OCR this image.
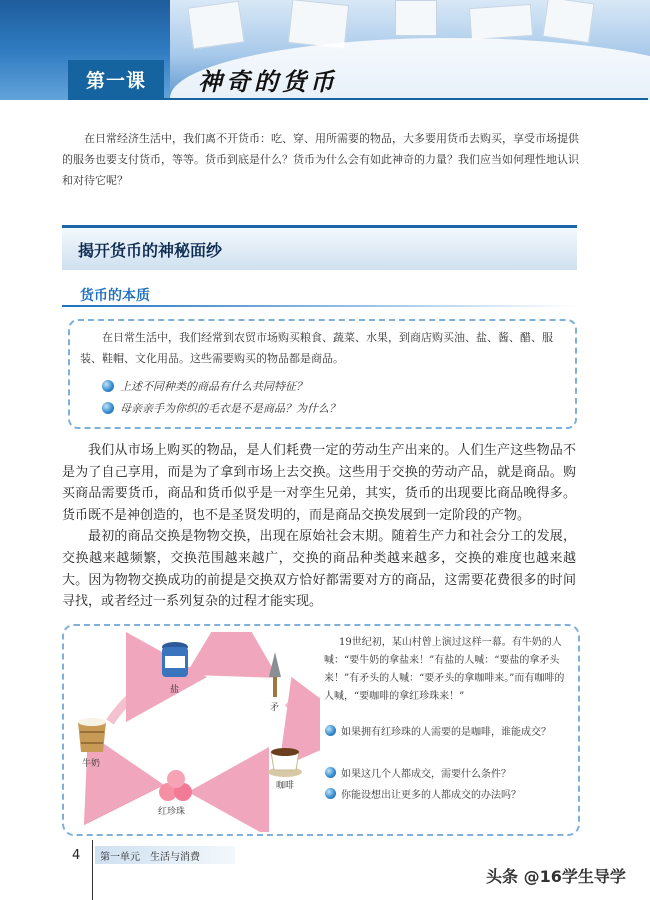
第一课	神奇的货币
在日常经济生活中，我们离不开货币：吃、穿、用所需要的物品，大多要用货币去购买，享受市场提供的服务也要支付货币，等等。货币到底是什么？货币为什么会有如此神奇的力量？我们应当如何理性地认识和对待它呢？
揭开货币的神秘面纱
货币的本质
在日常生活中，我们经常到农贸市场购买粮食、蔬菜、水果，到商店购买油、盐、酱、醋、服装、鞋帽、文化用品。这些需要购买的物品都是商品。
上述不同种类的商品有什么共同特征？
母亲亲手为你织的毛衣是不是商品？为什么？

我们从市场上购买的物品，是人们耗费一定的劳动生产出来的。人们生产这些物品不是为了自己享用，而是为了拿到市场上去交换。这些用于交换的劳动产品，就是商品。购买商品需要货币，商品和货币似乎是一对孪生兄弟，其实，货币的出现要比商品晚得多。货币既不是神创造的，也不是圣贤发明的，而是商品交换发展到一定阶段的产物。

最初的商品交换是物物交换，出现在原始社会末期。随着生产力和社会分工的发展，交换越来越频繁，交换范围越来越广，交换的商品种类越来越多，交换的难度也越来越大。因为物物交换成功的前提是交换双方恰好都需要对方的商品，这需要花费很多的时间寻找，或者经过一系列复杂的过程才能实现。

盐
矛
咖啡
红珍珠
牛奶
19世纪初，某山村曾上演过这样一幕。有牛奶的人喊：“要牛奶的拿盐来！”有盐的人喊：“要盐的拿矛头来！”有矛头的人喊：“要矛头的拿咖啡来。”而有咖啡的人喊，“要咖啡的拿红珍珠来！”
如果拥有红珍珠的人需要的是咖啡，谁能成交？
如果这几个人都成交，需要什么条件？
你能设想出让更多的人都成交的办法吗？
4 第一单元　生活与消费
头条 @16学生导学
